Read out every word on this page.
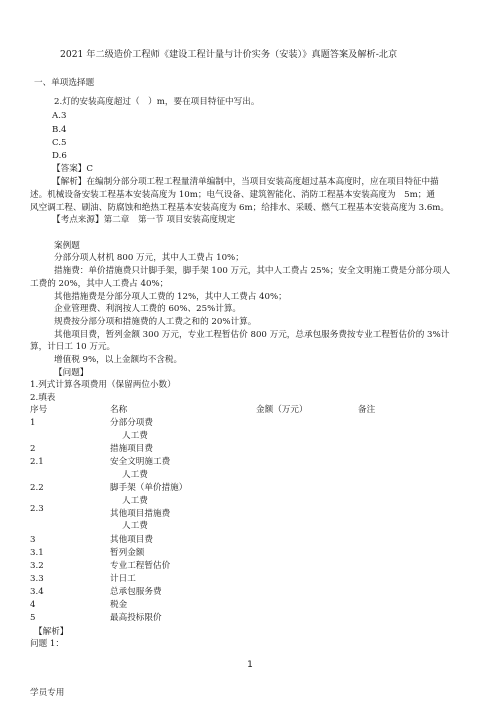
2021 年二级造价工程师《建设工程计量与计价实务（安装）》真题答案及解析-北京
一、单项选择题
2.灯的安装高度超过（　）m，要在项目特征中写出。
A.3
B.4
C.5
D.6
【答案】C
【解析】在编制分部分项工程工程量清单编制中，当项目安装高度超过基本高度时，应在项目特征中描
述。机械设备安装工程基本安装高度为 10m；电气设备、建筑智能化、消防工程基本安装高度为　5m；通
风空调工程、刷油、防腐蚀和绝热工程基本安装高度为 6m；给排水、采暖、燃气工程基本安装高度为 3.6m。
【考点来源】第二章　第一节 项目安装高度规定
案例题
分部分项人材机 800 万元，其中人工费占 10%；
措施费：单价措施费只计脚手架，脚手架 100 万元，其中人工费占 25%；安全文明施工费是分部分项人
工费的 20%，其中人工费占 40%；
其他措施费是分部分项人工费的 12%，其中人工费占 40%；
企业管理费、利润按人工费的 60%、25%计算。
规费按分部分项和措施费的人工费之和的 20%计算。
其他项目费，暂列金额 300 万元，专业工程暂估价 800 万元，总承包服务费按专业工程暂估价的 3%计
算，计日工 10 万元。
增值税 9%，以上金额均不含税。
【问题】
1.列式计算各项费用（保留两位小数）
2.填表
序号	名称	金额（万元）	备注
1	分部分项费
人工费
2	措施项目费
2.1	安全文明施工费
人工费
2.2	脚手架（单价措施）
人工费
2.3	其他项目措施费
人工费
3	其他项目费
3.1	暂列金额
3.2	专业工程暂估价
3.3	计日工
3.4	总承包服务费
4	税金
5	最高投标限价
【解析】
问题 1：
1
学员专用
